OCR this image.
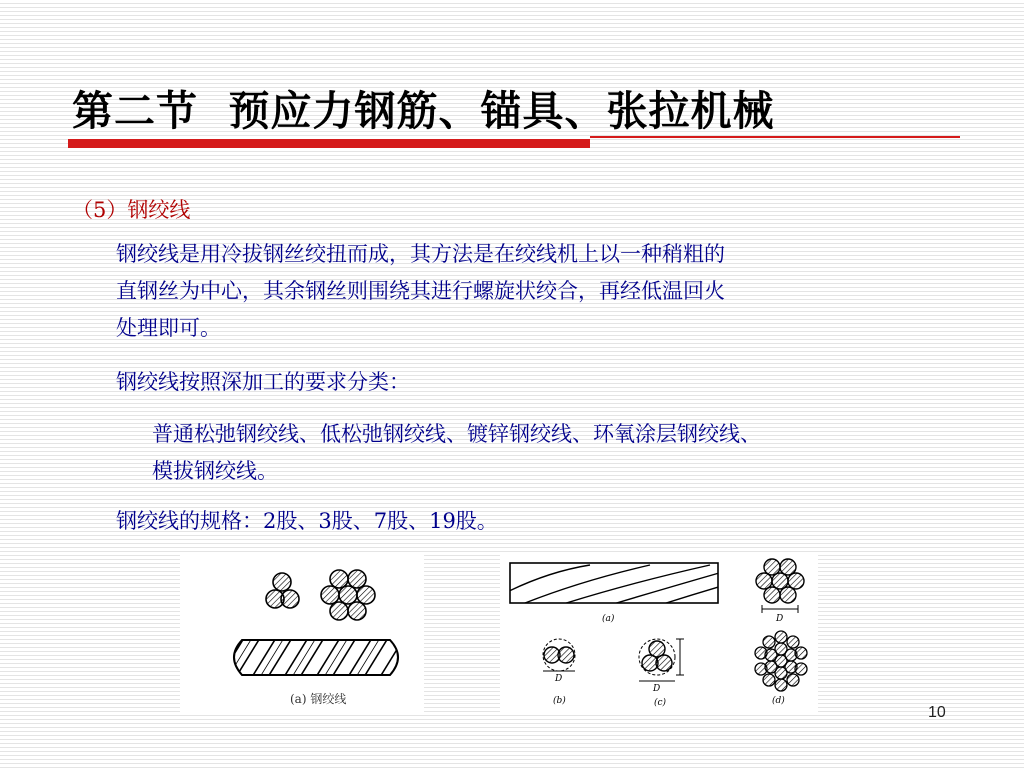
第二节  预应力钢筋、锚具、张拉机械
（5）钢绞线
钢绞线是用冷拔钢丝绞扭而成，其方法是在绞线机上以一种稍粗的
直钢丝为中心，其余钢丝则围绕其进行螺旋状绞合，再经低温回火
处理即可。
钢绞线按照深加工的要求分类：
普通松弛钢绞线、低松弛钢绞线、镀锌钢绞线、环氧涂层钢绞线、
模拔钢绞线。
钢绞线的规格：2股、3股、7股、19股。
(a) 钢绞线
(a)	D
D
(b)
D
(c)	(d)
10
